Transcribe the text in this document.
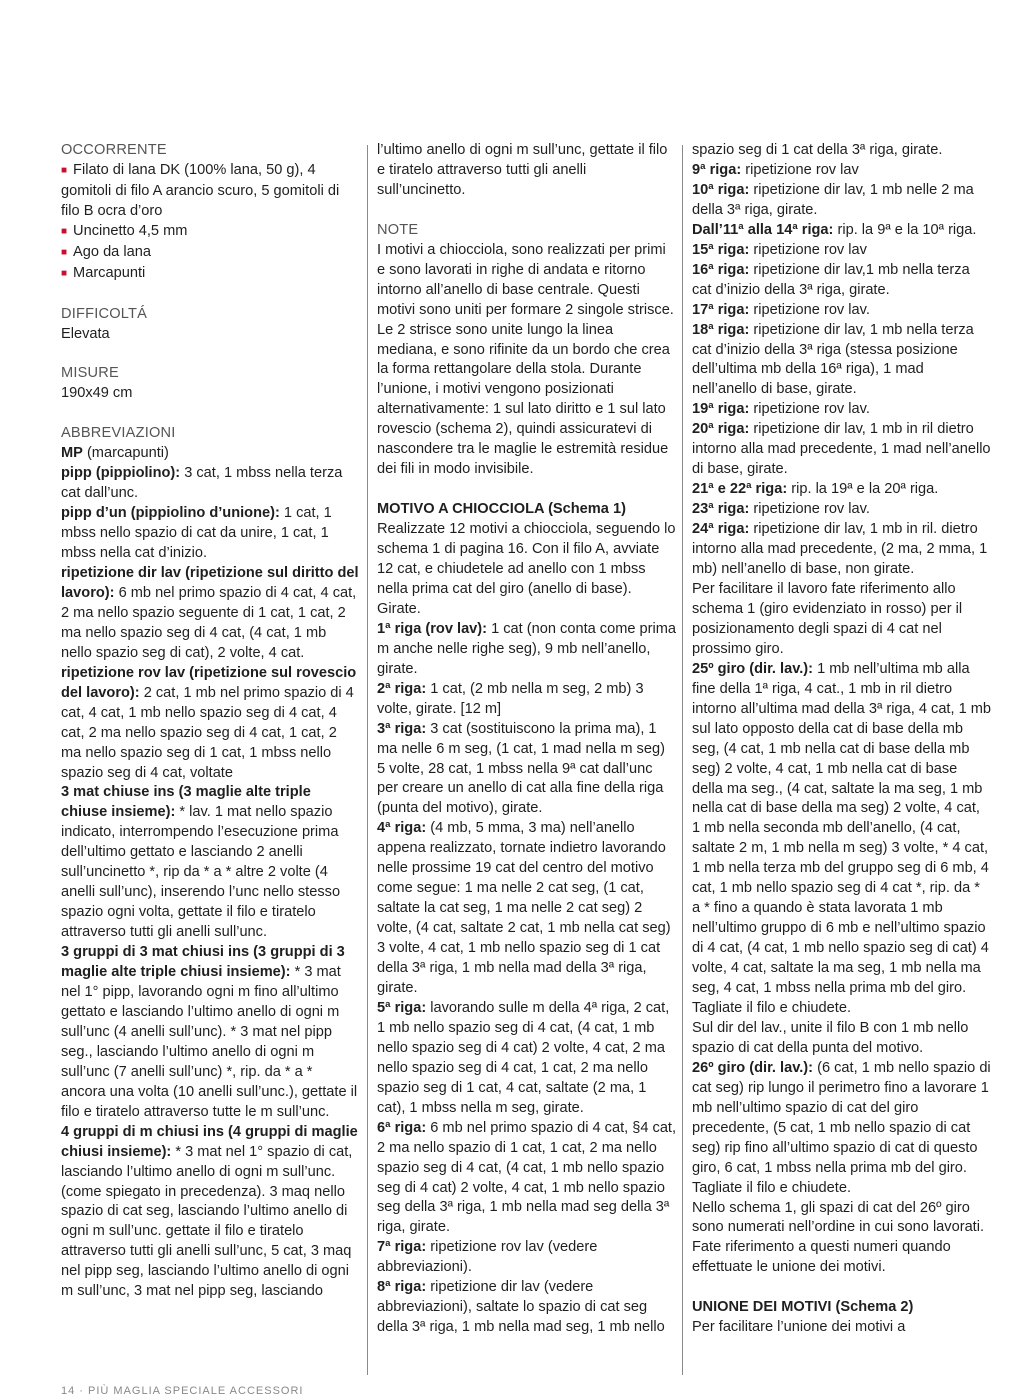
OCCORRENTE

■ Filato di lana DK (100% lana, 50 g), 4 gomitoli di filo A arancio scuro, 5 gomitoli di filo B ocra d’oro

■ Uncinetto 4,5 mm

■ Ago da lana

■ Marcapunti

DIFFICOLTÁ

Elevata

MISURE

190x49 cm

ABBREVIAZIONI

MP (marcapunti)

pipp (pippiolino): 3 cat, 1 mbss nella terza cat dall’unc.

pipp d’un (pippiolino d’unione): 1 cat, 1 mbss nello spazio di cat da unire, 1 cat, 1 mbss nella cat d’inizio.

ripetizione dir lav (ripetizione sul diritto del lavoro): 6 mb nel primo spazio di 4 cat, 4 cat, 2 ma nello spazio seguente di 1 cat, 1 cat, 2 ma nello spazio seg di 4 cat, (4 cat, 1 mb nello spazio seg di cat), 2 volte, 4 cat.

ripetizione rov lav (ripetizione sul rovescio del lavoro): 2 cat, 1 mb nel primo spazio di 4 cat, 4 cat, 1 mb nello spazio seg di 4 cat, 4 cat, 2 ma nello spazio seg di 4 cat, 1 cat, 2 ma nello spazio seg di 1 cat, 1 mbss nello spazio seg di 4 cat, voltate

3 mat chiuse ins (3 maglie alte triple chiuse insieme): * lav. 1 mat nello spazio indicato, interrompendo l’esecuzione prima dell’ultimo gettato e lasciando 2 anelli sull’uncinetto *, rip da * a * altre 2 volte (4 anelli sull’unc), inserendo l’unc nello stesso spazio ogni volta, gettate il filo e tiratelo attraverso tutti gli anelli sull’unc.

3 gruppi di 3 mat chiusi ins (3 gruppi di 3 maglie alte triple chiusi insieme): * 3 mat nel 1° pipp, lavorando ogni m fino all’ultimo gettato e lasciando l’ultimo anello di ogni m sull’unc (4 anelli sull’unc). * 3 mat nel pipp seg., lasciando l’ultimo anello di ogni m sull’unc (7 anelli sull’unc) *, rip. da * a * ancora una volta (10 anelli sull’unc.), gettate il filo e tiratelo attraverso tutte le m sull’unc.

4 gruppi di m chiusi ins (4 gruppi di maglie chiusi insieme): * 3 mat nel 1° spazio di cat, lasciando l’ultimo anello di ogni m sull’unc. (come spiegato in precedenza). 3 maq nello spazio di cat seg, lasciando l’ultimo anello di ogni m sull’unc. gettate il filo e tiratelo attraverso tutti gli anelli sull’unc, 5 cat, 3 maq nel pipp seg, lasciando l’ultimo anello di ogni m sull’unc, 3 mat nel pipp seg, lasciando

l’ultimo anello di ogni m sull’unc, gettate il filo e tiratelo attraverso tutti gli anelli sull’uncinetto.

NOTE

I motivi a chiocciola, sono realizzati per primi e sono lavorati in righe di andata e ritorno intorno all’anello di base centrale. Questi motivi sono uniti per formare 2 singole strisce. Le 2 strisce sono unite lungo la linea mediana, e sono rifinite da un bordo che crea la forma rettangolare della stola. Durante l’unione, i motivi vengono posizionati alternativamente: 1 sul lato diritto e 1 sul lato rovescio (schema 2), quindi assicuratevi di nascondere tra le maglie le estremità residue dei fili in modo invisibile.

MOTIVO A CHIOCCIOLA (Schema 1)

Realizzate 12 motivi a chiocciola, seguendo lo schema 1 di pagina 16. Con il filo A, avviate 12 cat, e chiudetele ad anello con 1 mbss nella prima cat del giro (anello di base). Girate.

1ª riga (rov lav): 1 cat (non conta come prima m anche nelle righe seg), 9 mb nell’anello, girate.

2ª riga: 1 cat, (2 mb nella m seg, 2 mb) 3 volte, girate. [12 m]

3ª riga: 3 cat (sostituiscono la prima ma), 1 ma nelle 6 m seg, (1 cat, 1 mad nella m seg) 5 volte, 28 cat, 1 mbss nella 9ª cat dall’unc per creare un anello di cat alla fine della riga (punta del motivo), girate.

4ª riga: (4 mb, 5 mma, 3 ma) nell’anello appena realizzato, tornate indietro lavorando nelle prossime 19 cat del centro del motivo come segue: 1 ma nelle 2 cat seg, (1 cat, saltate la cat seg, 1 ma nelle 2 cat seg) 2 volte, (4 cat, saltate 2 cat, 1 mb nella cat seg) 3 volte, 4 cat, 1 mb nello spazio seg di 1 cat della 3ª riga, 1 mb nella mad della 3ª riga, girate.

5ª riga: lavorando sulle m della 4ª riga, 2 cat, 1 mb nello spazio seg di 4 cat, (4 cat, 1 mb nello spazio seg di 4 cat) 2 volte, 4 cat, 2 ma nello spazio seg di 4 cat, 1 cat, 2 ma nello spazio seg di 1 cat, 4 cat, saltate (2 ma, 1 cat), 1 mbss nella m seg, girate.

6ª riga: 6 mb nel primo spazio di 4 cat, §4 cat, 2 ma nello spazio di 1 cat, 1 cat, 2 ma nello spazio seg di 4 cat, (4 cat, 1 mb nello spazio seg di 4 cat) 2 volte, 4 cat, 1 mb nello spazio seg della 3ª riga, 1 mb nella mad seg della 3ª riga, girate.

7ª riga: ripetizione rov lav (vedere abbreviazioni).

8ª riga: ripetizione dir lav (vedere abbreviazioni), saltate lo spazio di cat seg della 3ª riga, 1 mb nella mad seg, 1 mb nello

spazio seg di 1 cat della 3ª riga, girate.

9ª riga: ripetizione rov lav

10ª riga: ripetizione dir lav, 1 mb nelle 2 ma della 3ª riga, girate.

Dall’11ª alla 14ª riga: rip. la 9ª e la 10ª riga.

15ª riga: ripetizione rov lav

16ª riga: ripetizione dir lav,1 mb nella terza cat d’inizio della 3ª riga, girate.

17ª riga: ripetizione rov lav.

18ª riga: ripetizione dir lav, 1 mb nella terza cat d’inizio della 3ª riga (stessa posizione dell’ultima mb della 16ª riga), 1 mad nell’anello di base, girate.

19ª riga: ripetizione rov lav.

20ª riga: ripetizione dir lav, 1 mb in ril dietro intorno alla mad precedente, 1 mad nell’anello di base, girate.

21ª e 22ª riga: rip. la 19ª e la 20ª riga.

23ª riga: ripetizione rov lav.

24ª riga: ripetizione dir lav, 1 mb in ril. dietro intorno alla mad precedente, (2 ma, 2 mma, 1 mb) nell’anello di base, non girate.

Per facilitare il lavoro fate riferimento allo schema 1 (giro evidenziato in rosso) per il posizionamento degli spazi di 4 cat nel prossimo giro.

25º giro (dir. lav.): 1 mb nell’ultima mb alla fine della 1ª riga, 4 cat., 1 mb in ril dietro intorno all’ultima mad della 3ª riga, 4 cat, 1 mb sul lato opposto della cat di base della mb seg, (4 cat, 1 mb nella cat di base della mb seg) 2 volte, 4 cat, 1 mb nella cat di base della ma seg., (4 cat, saltate la ma seg, 1 mb nella cat di base della ma seg) 2 volte, 4 cat, 1 mb nella seconda mb dell’anello, (4 cat, saltate 2 m, 1 mb nella m seg) 3 volte, * 4 cat, 1 mb nella terza mb del gruppo seg di 6 mb, 4 cat, 1 mb nello spazio seg di 4 cat *, rip. da * a * fino a quando è stata lavorata 1 mb nell’ultimo gruppo di 6 mb e nell’ultimo spazio di 4 cat, (4 cat, 1 mb nello spazio seg di cat) 4 volte, 4 cat, saltate la ma seg, 1 mb nella ma seg, 4 cat, 1 mbss nella prima mb del giro. Tagliate il filo e chiudete.

Sul dir del lav., unite il filo B con 1 mb nello spazio di cat della punta del motivo.

26º giro (dir. lav.): (6 cat, 1 mb nello spazio di cat seg) rip lungo il perimetro fino a lavorare 1 mb nell’ultimo spazio di cat del giro precedente, (5 cat, 1 mb nello spazio di cat seg) rip fino all’ultimo spazio di cat di questo giro, 6 cat, 1 mbss nella prima mb del giro. Tagliate il filo e chiudete.

Nello schema 1, gli spazi di cat del 26º giro sono numerati nell’ordine in cui sono lavorati. Fate riferimento a questi numeri quando effettuate le unione dei motivi.

UNIONE DEI MOTIVI (Schema 2)

Per facilitare l’unione dei motivi a

14 · PIÙ MAGLIA SPECIALE ACCESSORI
